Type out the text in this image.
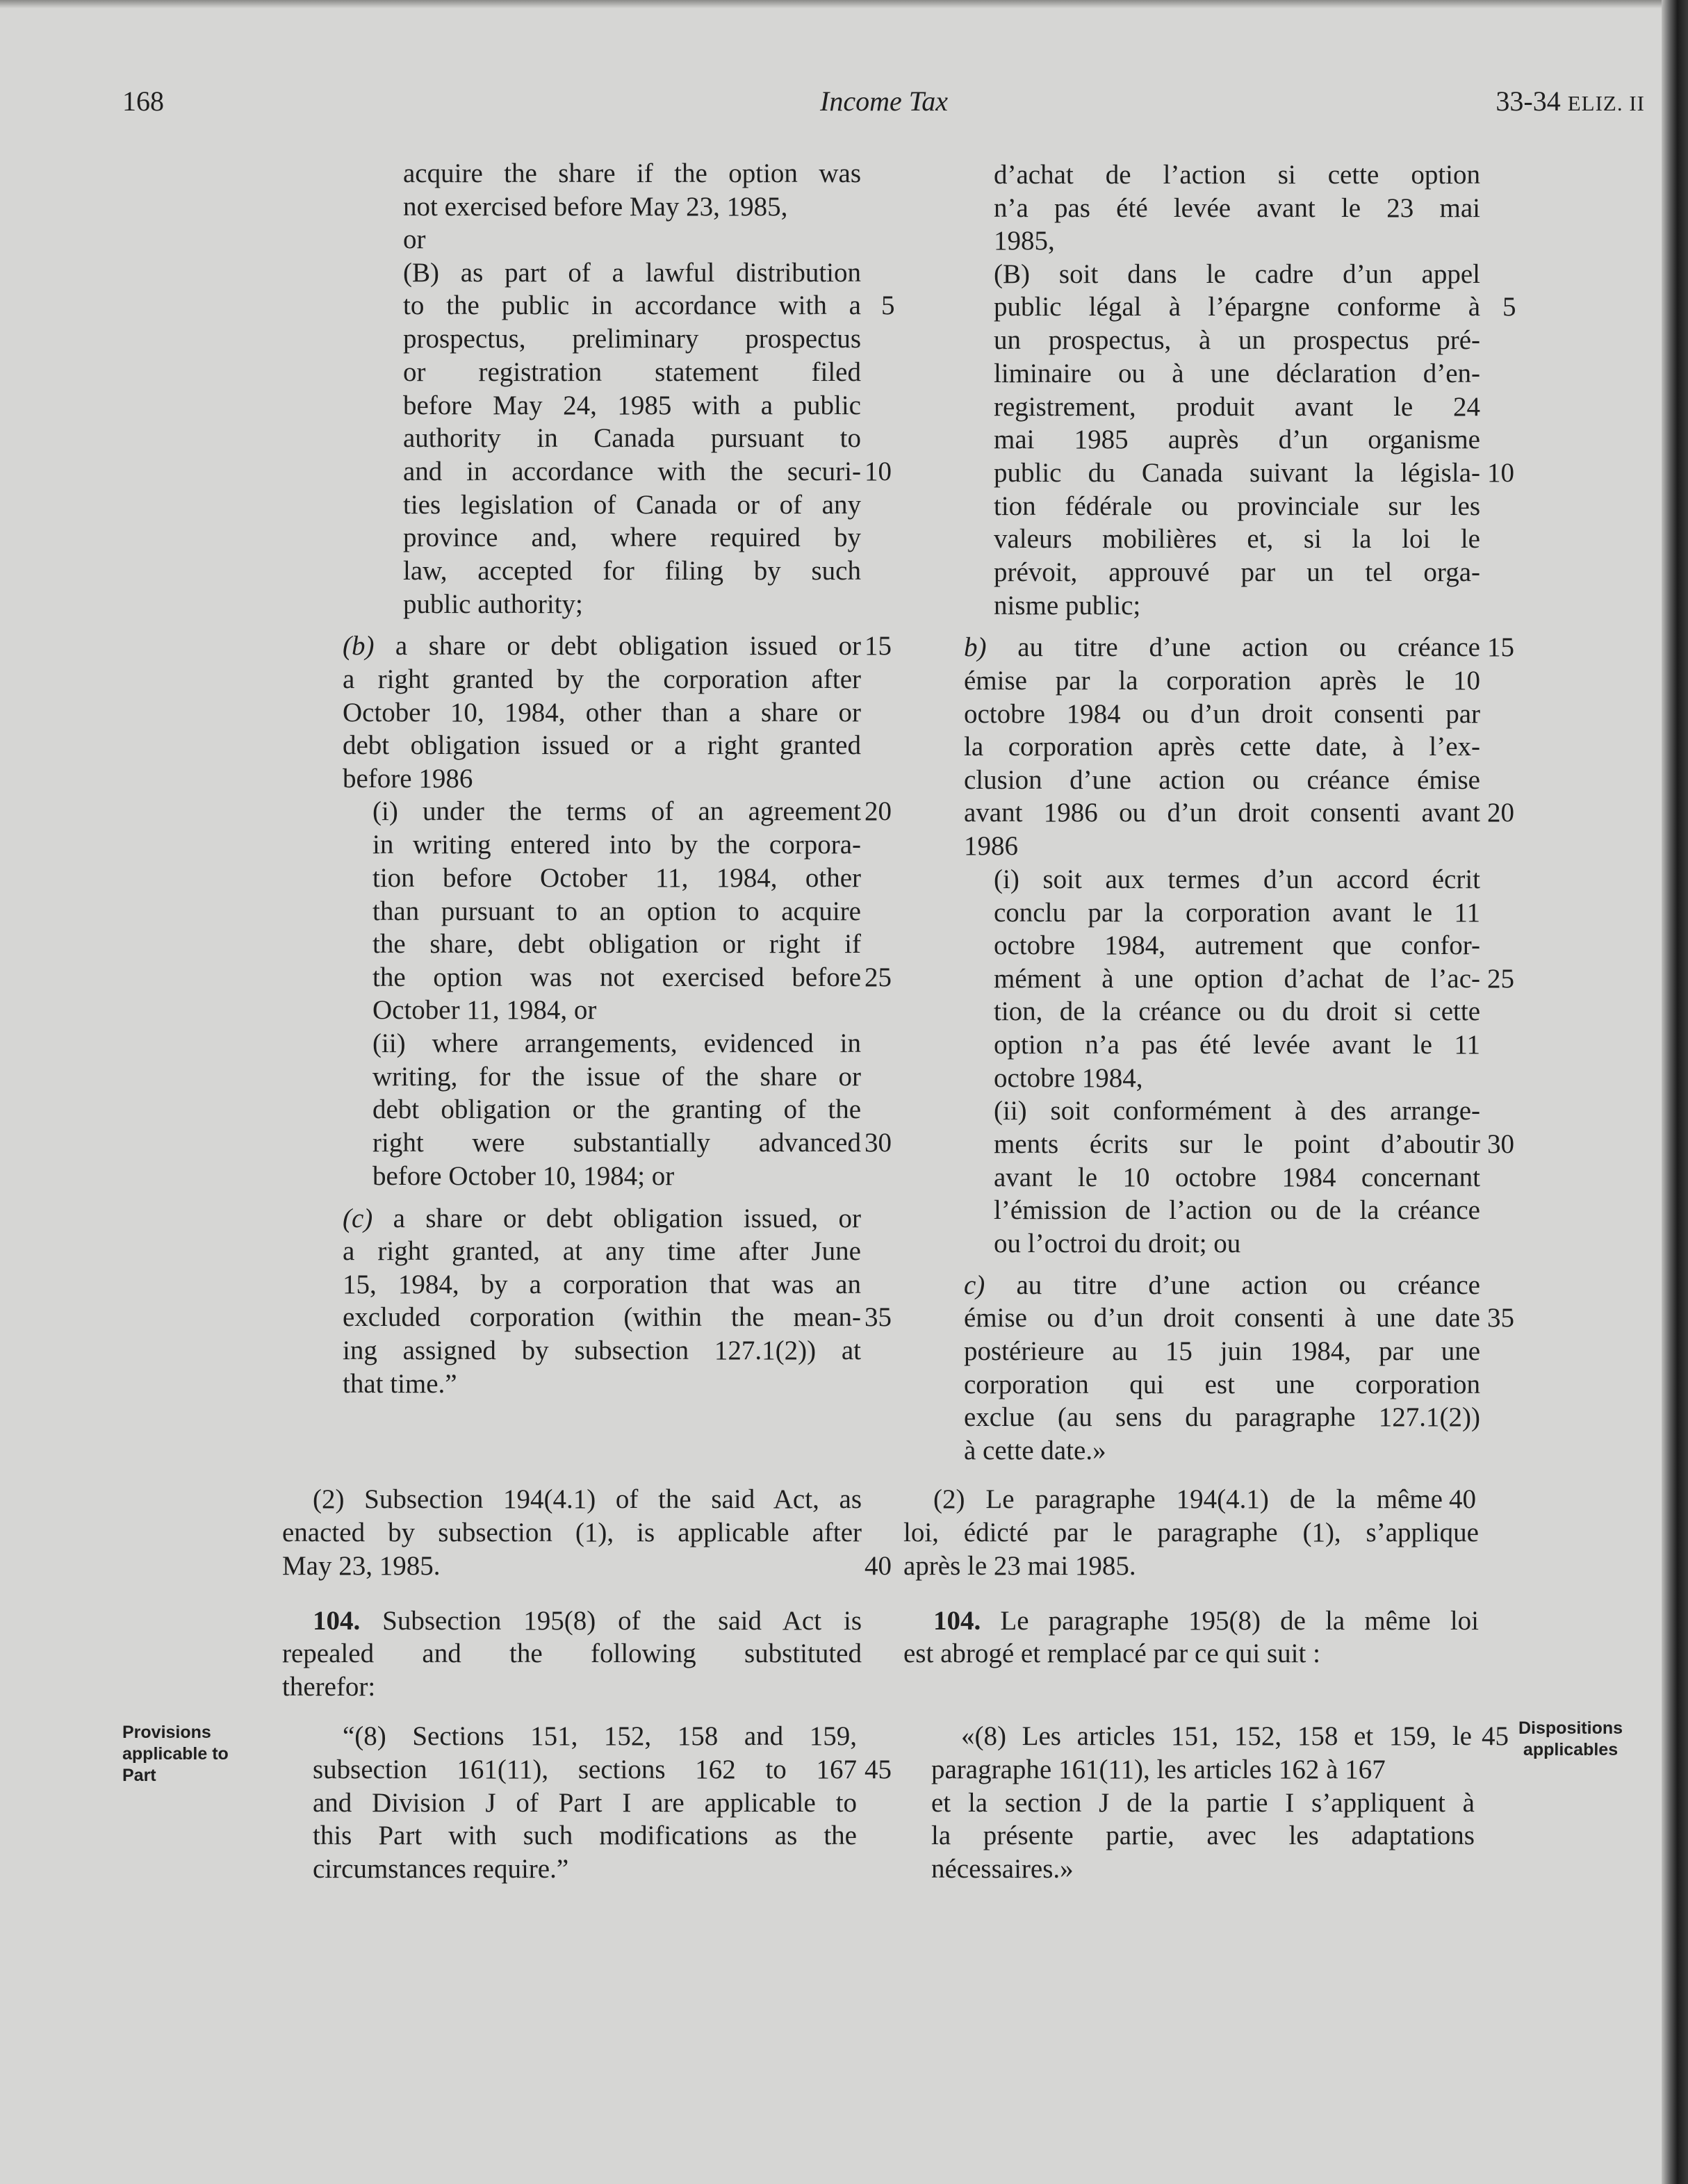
168	Income Tax	33-34 ELIZ. II
Provisions
applicable to
Part
Dispositions
applicables
acquire the share if the option was
not exercised before May 23, 1985,
or
(B) as part of a lawful distribution
to the public in accordance with a
prospectus, preliminary prospectus
or registration statement filed
before May 24, 1985 with a public
authority in Canada pursuant to
and in accordance with the securi-
ties legislation of Canada or of any
province and, where required by
law, accepted for filing by such
public authority;
(b) a share or debt obligation issued or
a right granted by the corporation after
October 10, 1984, other than a share or
debt obligation issued or a right granted
before 1986
(i) under the terms of an agreement
in writing entered into by the corpora-
tion before October 11, 1984, other
than pursuant to an option to acquire
the share, debt obligation or right if
the option was not exercised before
October 11, 1984, or
(ii) where arrangements, evidenced in
writing, for the issue of the share or
debt obligation or the granting of the
right were substantially advanced
before October 10, 1984; or
(c) a share or debt obligation issued, or
a right granted, at any time after June
15, 1984, by a corporation that was an
excluded corporation (within the mean-
ing assigned by subsection 127.1(2)) at
that time.”
(2) Subsection 194(4.1) of the said Act, as
enacted by subsection (1), is applicable after
May 23, 1985.
104. Subsection 195(8) of the said Act is
repealed and the following substituted
therefor:
“(8) Sections 151, 152, 158 and 159,
subsection 161(11), sections 162 to 167
and Division J of Part I are applicable to
this Part with such modifications as the
circumstances require.”
d’achat de l’action si cette option
n’a pas été levée avant le 23 mai
1985,
(B) soit dans le cadre d’un appel
public légal à l’épargne conforme à
un prospectus, à un prospectus pré-
liminaire ou à une déclaration d’en-
registrement, produit avant le 24
mai 1985 auprès d’un organisme
public du Canada suivant la législa-
tion fédérale ou provinciale sur les
valeurs mobilières et, si la loi le
prévoit, approuvé par un tel orga-
nisme public;
b) au titre d’une action ou créance
émise par la corporation après le 10
octobre 1984 ou d’un droit consenti par
la corporation après cette date, à l’ex-
clusion d’une action ou créance émise
avant 1986 ou d’un droit consenti avant
1986
(i) soit aux termes d’un accord écrit
conclu par la corporation avant le 11
octobre 1984, autrement que confor-
mément à une option d’achat de l’ac-
tion, de la créance ou du droit si cette
option n’a pas été levée avant le 11
octobre 1984,
(ii) soit conformément à des arrange-
ments écrits sur le point d’aboutir
avant le 10 octobre 1984 concernant
l’émission de l’action ou de la créance
ou l’octroi du droit; ou
c) au titre d’une action ou créance
émise ou d’un droit consenti à une date
postérieure au 15 juin 1984, par une
corporation qui est une corporation
exclue (au sens du paragraphe 127.1(2))
à cette date.»
(2) Le paragraphe 194(4.1) de la même
loi, édicté par le paragraphe (1), s’applique
après le 23 mai 1985.
104. Le paragraphe 195(8) de la même loi
est abrogé et remplacé par ce qui suit :
«(8) Les articles 151, 152, 158 et 159, le
paragraphe 161(11), les articles 162 à 167
et la section J de la partie I s’appliquent à
la présente partie, avec les adaptations
nécessaires.»
5
10
15
20
25
30
35
40
45
5
10
15
20
25
30
35
40
45
